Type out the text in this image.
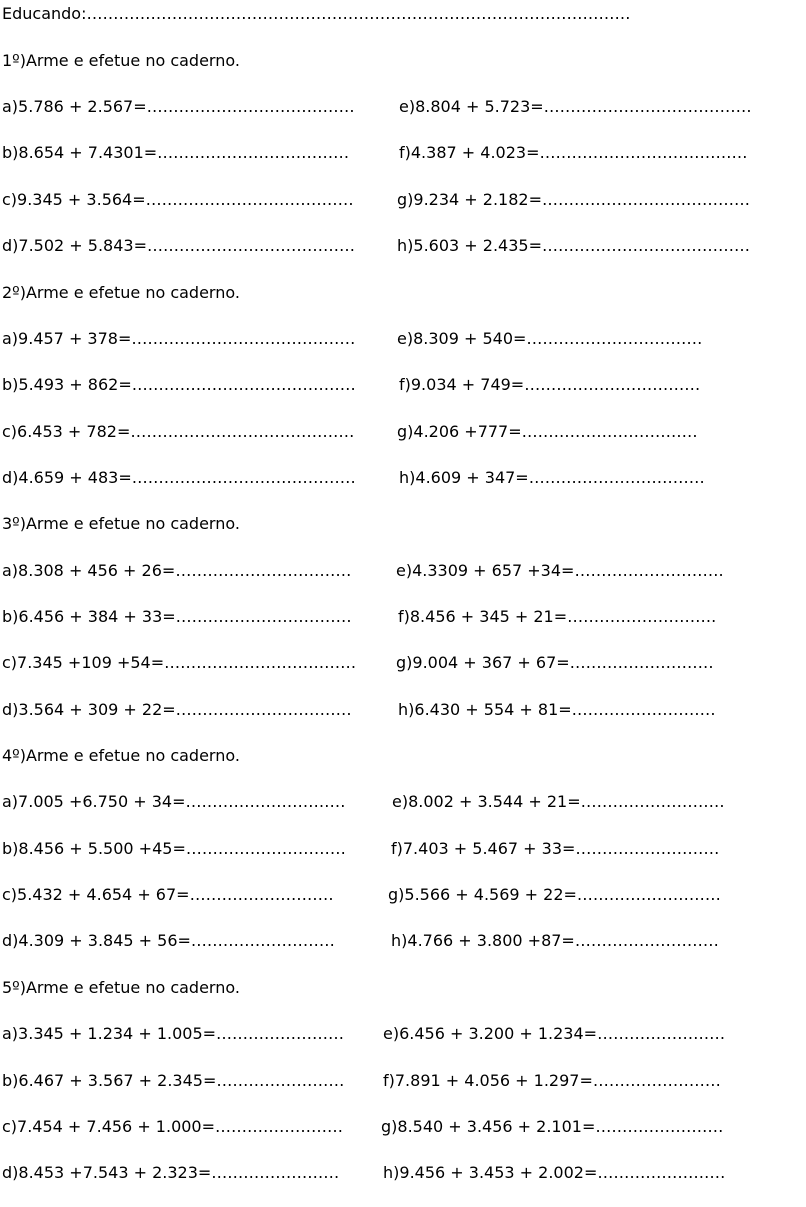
Educando:…………………………………………………………………………………………
1º)Arme e efetue no caderno.
a)5.786 + 2.567=…………………………………	e)8.804 + 5.723=…………………………………
b)8.654 + 7.4301=………………………………	f)4.387 + 4.023=…………………………………
c)9.345 + 3.564=…………………………………	g)9.234 + 2.182=…………………………………
d)7.502 + 5.843=…………………………………	h)5.603 + 2.435=…………………………………
2º)Arme e efetue no caderno.
a)9.457 + 378=……………………………………	e)8.309 + 540=……………………………
b)5.493 + 862=……………………………………	f)9.034 + 749=……………………………
c)6.453 + 782=……………………………………	g)4.206 +777=……………………………
d)4.659 + 483=……………………………………	h)4.609 + 347=……………………………
3º)Arme e efetue no caderno.
a)8.308 + 456 + 26=……………………………	e)4.3309 + 657 +34=……………………….
b)6.456 + 384 + 33=……………………………	f)8.456 + 345 + 21=……………………….
c)7.345 +109 +54=……………………………… g)9.004 + 367 + 67=………………………
d)3.564 + 309 + 22=……………………………	h)6.430 + 554 + 81=………………………
4º)Arme e efetue no caderno.
a)7.005 +6.750 + 34=…………………………	e)8.002 + 3.544 + 21=………………………
b)8.456 + 5.500 +45=…………………………	f)7.403 + 5.467 + 33=………………………
c)5.432 + 4.654 + 67=………………………	g)5.566 + 4.569 + 22=………………………
d)4.309 + 3.845 + 56=………………………	h)4.766 + 3.800 +87=………………………
5º)Arme e efetue no caderno.
a)3.345 + 1.234 + 1.005=…………………… e)6.456 + 3.200 + 1.234=……………………
b)6.467 + 3.567 + 2.345=…………………… f)7.891 + 4.056 + 1.297=……………………
c)7.454 + 7.456 + 1.000=…………………… g)8.540 + 3.456 + 2.101=……………………
d)8.453 +7.543 + 2.323=……………………	h)9.456 + 3.453 + 2.002=……………………
